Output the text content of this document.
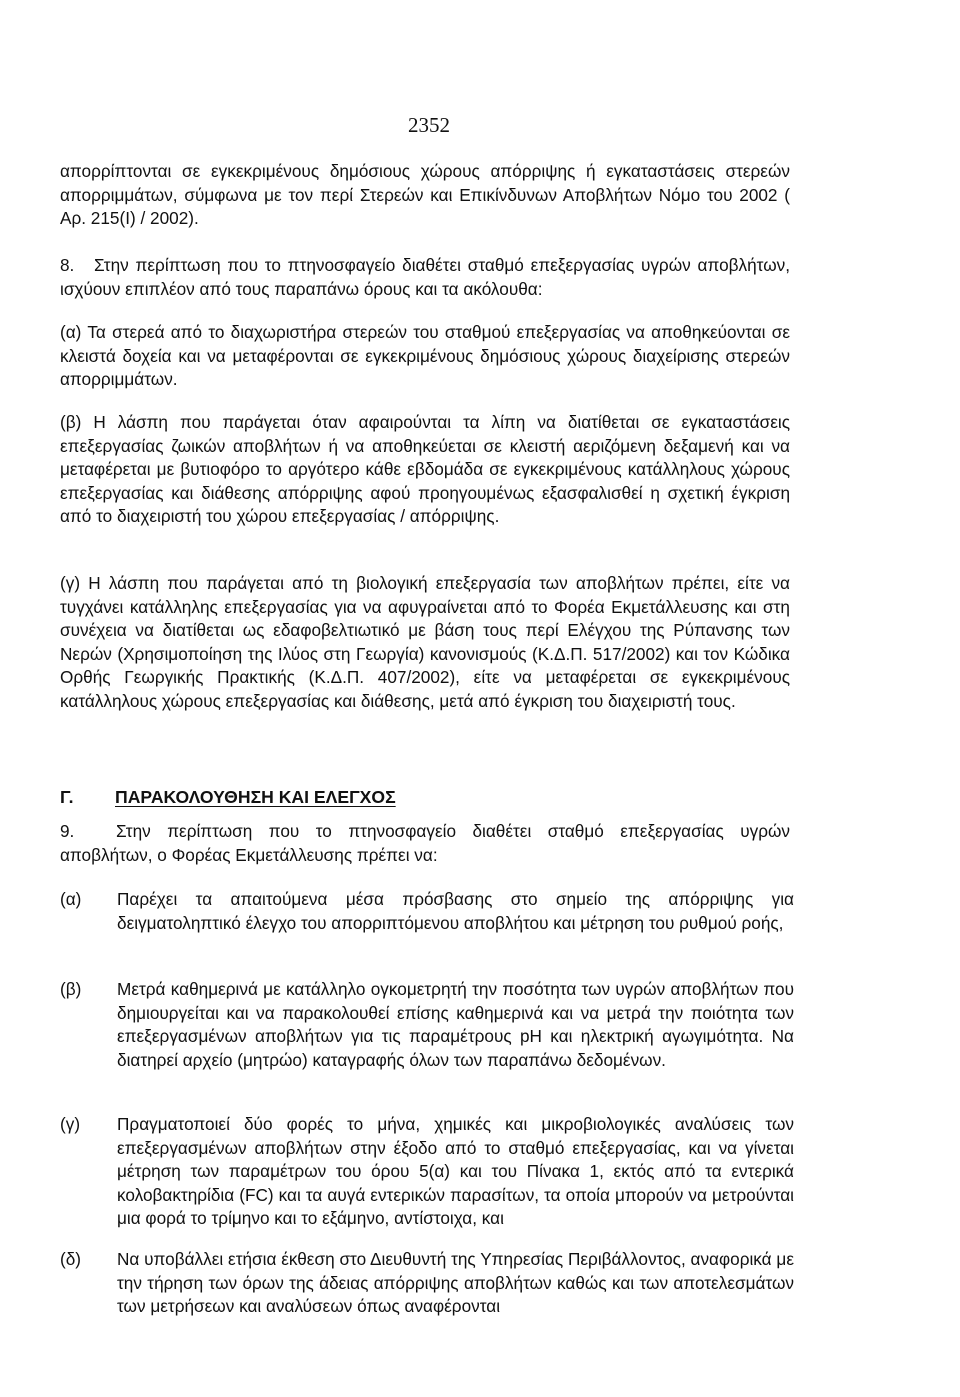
2352

απορρίπτονται σε εγκεκριμένους δημόσιους χώρους απόρριψης ή εγκαταστάσεις στερεών απορριμμάτων, σύμφωνα με τον περί Στερεών και Επικίνδυνων Αποβλήτων Νόμο του 2002 ( Αρ. 215(Ι) / 2002).

8. Στην περίπτωση που το πτηνοσφαγείο διαθέτει σταθμό επεξεργασίας υγρών αποβλήτων, ισχύουν επιπλέον από τους παραπάνω όρους και τα ακόλουθα:

(α) Τα στερεά από το διαχωριστήρα στερεών του σταθμού επεξεργασίας να αποθηκεύονται σε κλειστά δοχεία και να μεταφέρονται σε εγκεκριμένους δημόσιους χώρους διαχείρισης στερεών απορριμμάτων.

(β) Η λάσπη που παράγεται όταν αφαιρούνται τα λίπη να διατίθεται σε εγκαταστάσεις επεξεργασίας ζωικών αποβλήτων ή να αποθηκεύεται σε κλειστή αεριζόμενη δεξαμενή και να μεταφέρεται με βυτιοφόρο το αργότερο κάθε εβδομάδα σε εγκεκριμένους κατάλληλους χώρους επεξεργασίας και διάθεσης απόρριψης αφού προηγουμένως εξασφαλισθεί η σχετική έγκριση από το διαχειριστή του χώρου επεξεργασίας / απόρριψης.

(γ) Η λάσπη που παράγεται από τη βιολογική επεξεργασία των αποβλήτων πρέπει, είτε να τυγχάνει κατάλληλης επεξεργασίας για να αφυγραίνεται από το Φορέα Εκμετάλλευσης και στη συνέχεια να διατίθεται ως εδαφοβελτιωτικό με βάση τους περί Ελέγχου της Ρύπανσης των Νερών (Χρησιμοποίηση της Ιλύος στη Γεωργία) κανονισμούς (Κ.Δ.Π. 517/2002) και τον Κώδικα Ορθής Γεωργικής Πρακτικής (Κ.Δ.Π. 407/2002), είτε να μεταφέρεται σε εγκεκριμένους κατάλληλους χώρους επεξεργασίας και διάθεσης, μετά από έγκριση του διαχειριστή τους.

Γ. ΠΑΡΑΚΟΛΟΥΘΗΣΗ ΚΑΙ ΕΛΕΓΧΟΣ
9. Στην περίπτωση που το πτηνοσφαγείο διαθέτει σταθμό επεξεργασίας υγρών αποβλήτων, ο Φορέας Εκμετάλλευσης πρέπει να:
(α) Παρέχει τα απαιτούμενα μέσα πρόσβασης στο σημείο της απόρριψης για δειγματοληπτικό έλεγχο του απορριπτόμενου αποβλήτου και μέτρηση του ρυθμού ροής,
(β) Μετρά καθημερινά με κατάλληλο ογκομετρητή την ποσότητα των υγρών αποβλήτων που δημιουργείται και να παρακολουθεί επίσης καθημερινά και να μετρά την ποιότητα των επεξεργασμένων αποβλήτων για τις παραμέτρους pH και ηλεκτρική αγωγιμότητα. Να διατηρεί αρχείο (μητρώο) καταγραφής όλων των παραπάνω δεδομένων.
(γ) Πραγματοποιεί δύο φορές το μήνα, χημικές και μικροβιολογικές αναλύσεις των επεξεργασμένων αποβλήτων στην έξοδο από το σταθμό επεξεργασίας, και να γίνεται μέτρηση των παραμέτρων του όρου 5(α) και του Πίνακα 1, εκτός από τα εντερικά κολοβακτηρίδια (FC) και τα αυγά εντερικών παρασίτων, τα οποία μπορούν να μετρούνται μια φορά το τρίμηνο και το εξάμηνο, αντίστοιχα, και
(δ) Να υποβάλλει ετήσια έκθεση στο Διευθυντή της Υπηρεσίας Περιβάλλοντος, αναφορικά με την τήρηση των όρων της άδειας απόρριψης αποβλήτων καθώς και των αποτελεσμάτων των μετρήσεων και αναλύσεων όπως αναφέρονται
